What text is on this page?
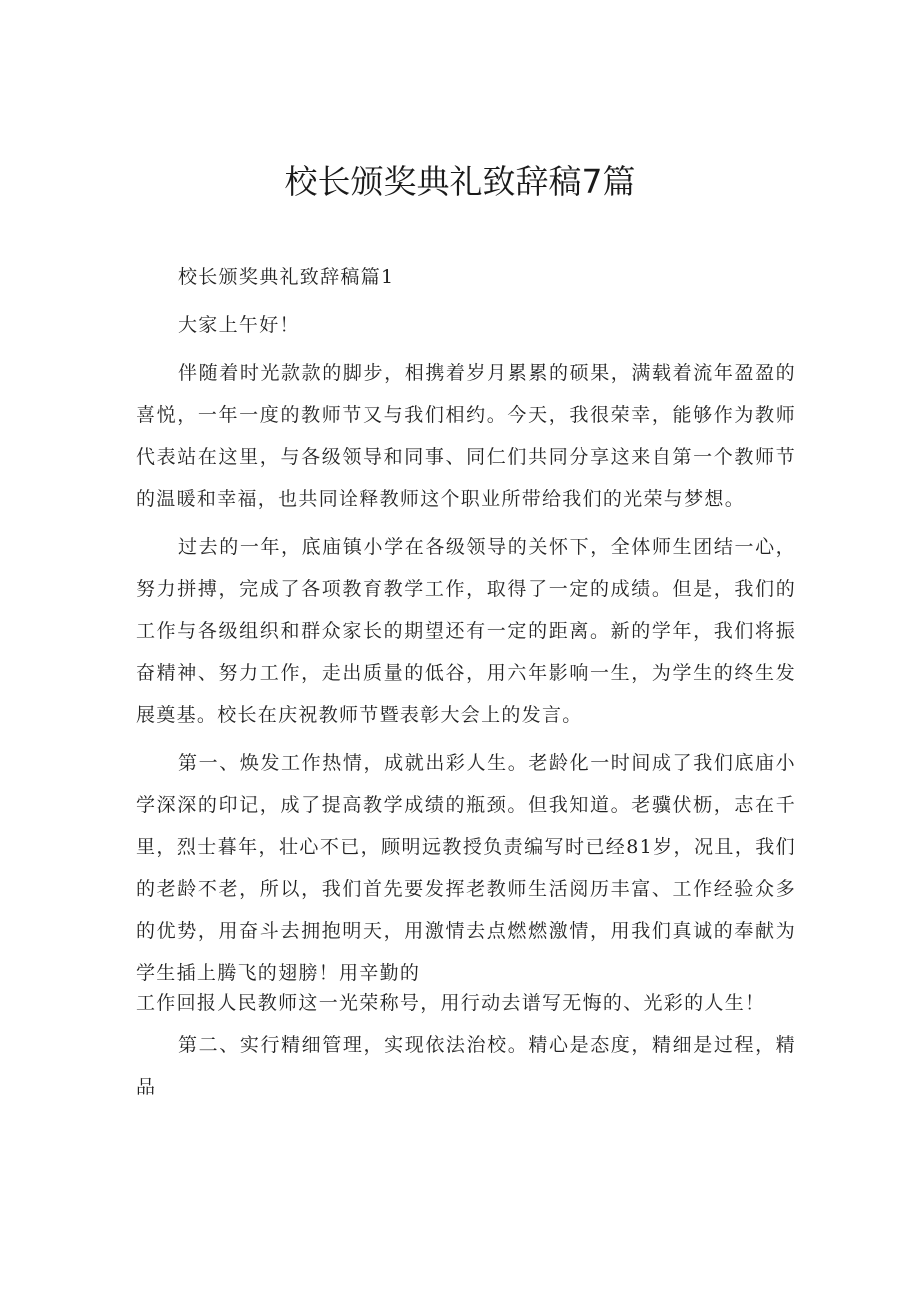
校长颁奖典礼致辞稿7篇

校长颁奖典礼致辞稿篇1

大家上午好！

伴随着时光款款的脚步，相携着岁月累累的硕果，满载着流年盈盈的喜悦，一年一度的教师节又与我们相约。今天，我很荣幸，能够作为教师代表站在这里，与各级领导和同事、同仁们共同分享这来自第一个教师节的温暖和幸福，也共同诠释教师这个职业所带给我们的光荣与梦想。

过去的一年，底庙镇小学在各级领导的关怀下，全体师生团结一心，努力拼搏，完成了各项教育教学工作，取得了一定的成绩。但是，我们的工作与各级组织和群众家长的期望还有一定的距离。新的学年，我们将振奋精神、努力工作，走出质量的低谷，用六年影响一生，为学生的终生发展奠基。校长在庆祝教师节暨表彰大会上的发言。

第一、焕发工作热情，成就出彩人生。老龄化一时间成了我们底庙小学深深的印记，成了提高教学成绩的瓶颈。但我知道。老骥伏枥，志在千里，烈士暮年，壮心不已，顾明远教授负责编写时已经81岁，况且，我们的老龄不老，所以，我们首先要发挥老教师生活阅历丰富、工作经验众多的优势，用奋斗去拥抱明天，用激情去点燃燃激情，用我们真诚的奉献为学生插上腾飞的翅膀！用辛勤的

工作回报人民教师这一光荣称号，用行动去谱写无悔的、光彩的人生！

第二、实行精细管理，实现依法治校。精心是态度，精细是过程，精品
